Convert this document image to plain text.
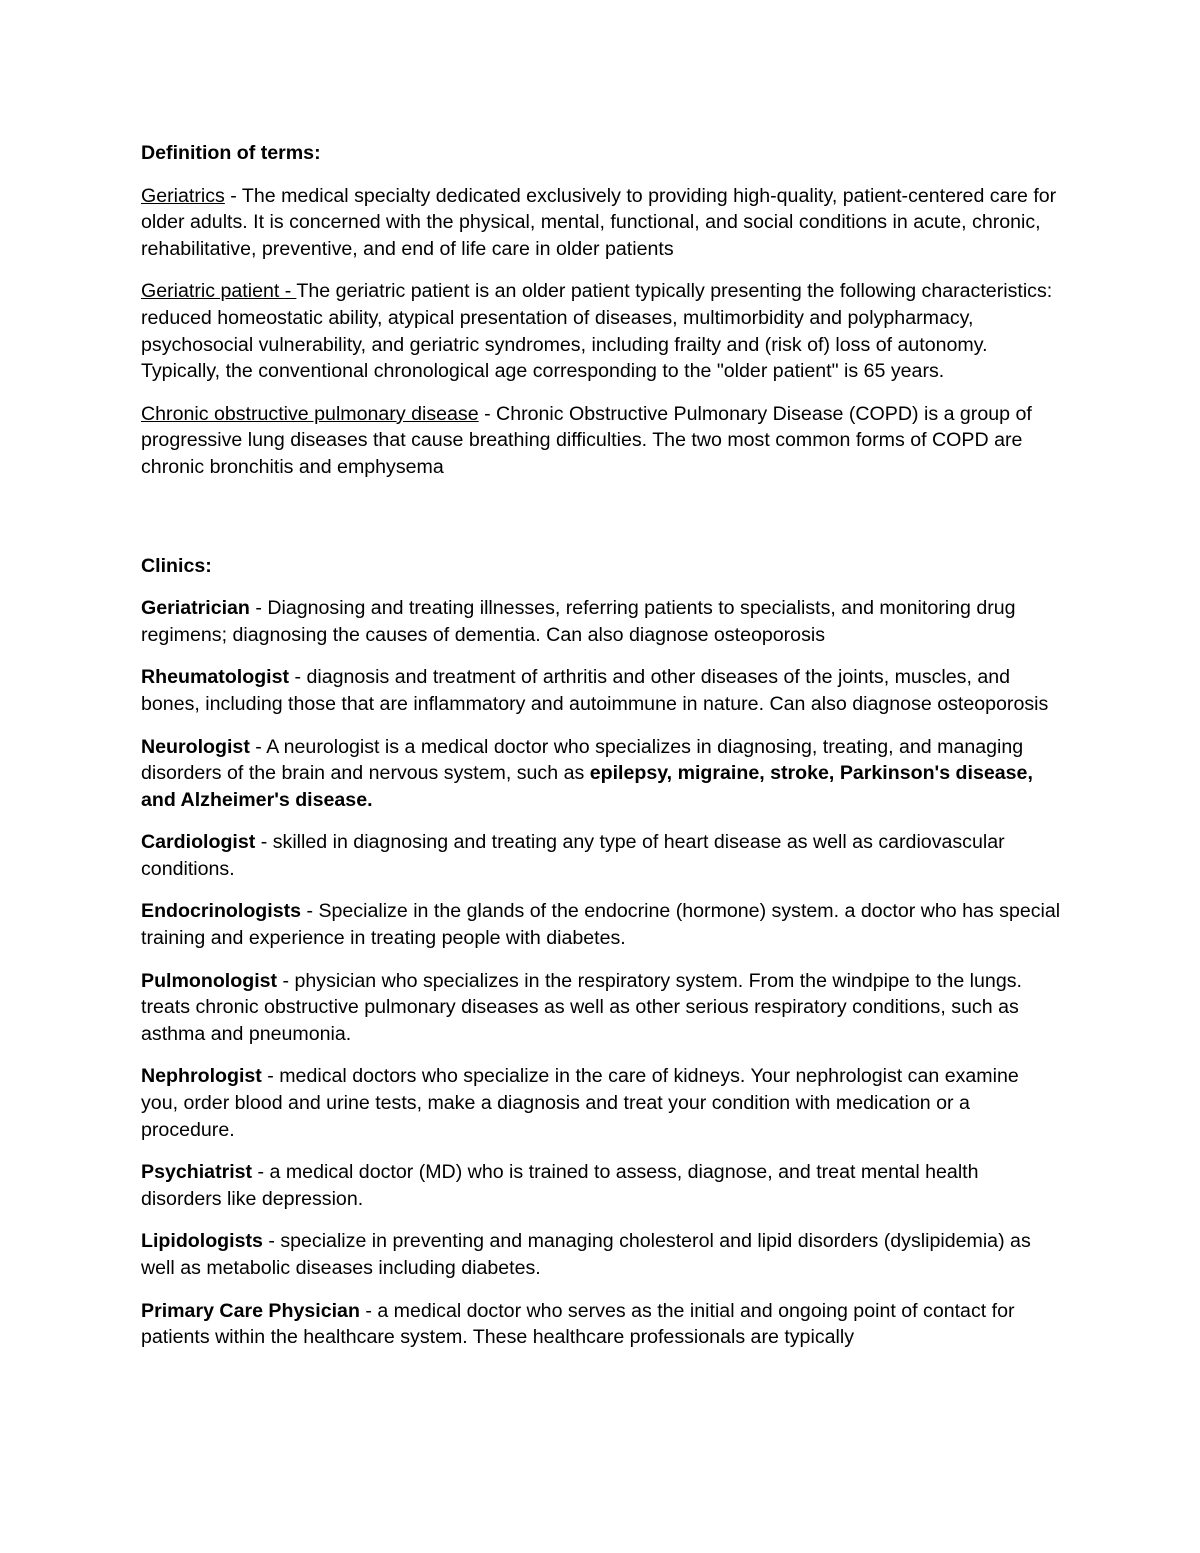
Definition of terms:

Geriatrics - The medical specialty dedicated exclusively to providing high-quality, patient-centered care for older adults. It is concerned with the physical, mental, functional, and social conditions in acute, chronic, rehabilitative, preventive, and end of life care in older patients

Geriatric patient - The geriatric patient is an older patient typically presenting the following characteristics: reduced homeostatic ability, atypical presentation of diseases, multimorbidity and polypharmacy, psychosocial vulnerability, and geriatric syndromes, including frailty and (risk of) loss of autonomy. Typically, the conventional chronological age corresponding to the "older patient" is 65 years.

Chronic obstructive pulmonary disease - Chronic Obstructive Pulmonary Disease (COPD) is a group of progressive lung diseases that cause breathing difficulties. The two most common forms of COPD are chronic bronchitis and emphysema

Clinics:

Geriatrician - Diagnosing and treating illnesses, referring patients to specialists, and monitoring drug regimens; diagnosing the causes of dementia. Can also diagnose osteoporosis

Rheumatologist - diagnosis and treatment of arthritis and other diseases of the joints, muscles, and bones, including those that are inflammatory and autoimmune in nature. Can also diagnose osteoporosis

Neurologist - A neurologist is a medical doctor who specializes in diagnosing, treating, and managing disorders of the brain and nervous system, such as epilepsy, migraine, stroke, Parkinson's disease, and Alzheimer's disease.

Cardiologist - skilled in diagnosing and treating any type of heart disease as well as cardiovascular conditions.

Endocrinologists - Specialize in the glands of the endocrine (hormone) system. a doctor who has special training and experience in treating people with diabetes.

Pulmonologist - physician who specializes in the respiratory system. From the windpipe to the lungs. treats chronic obstructive pulmonary diseases as well as other serious respiratory conditions, such as asthma and pneumonia.

Nephrologist - medical doctors who specialize in the care of kidneys. Your nephrologist can examine you, order blood and urine tests, make a diagnosis and treat your condition with medication or a procedure.

Psychiatrist - a medical doctor (MD) who is trained to assess, diagnose, and treat mental health disorders like depression.

Lipidologists - specialize in preventing and managing cholesterol and lipid disorders (dyslipidemia) as well as metabolic diseases including diabetes.

Primary Care Physician - a medical doctor who serves as the initial and ongoing point of contact for patients within the healthcare system. These healthcare professionals are typically
